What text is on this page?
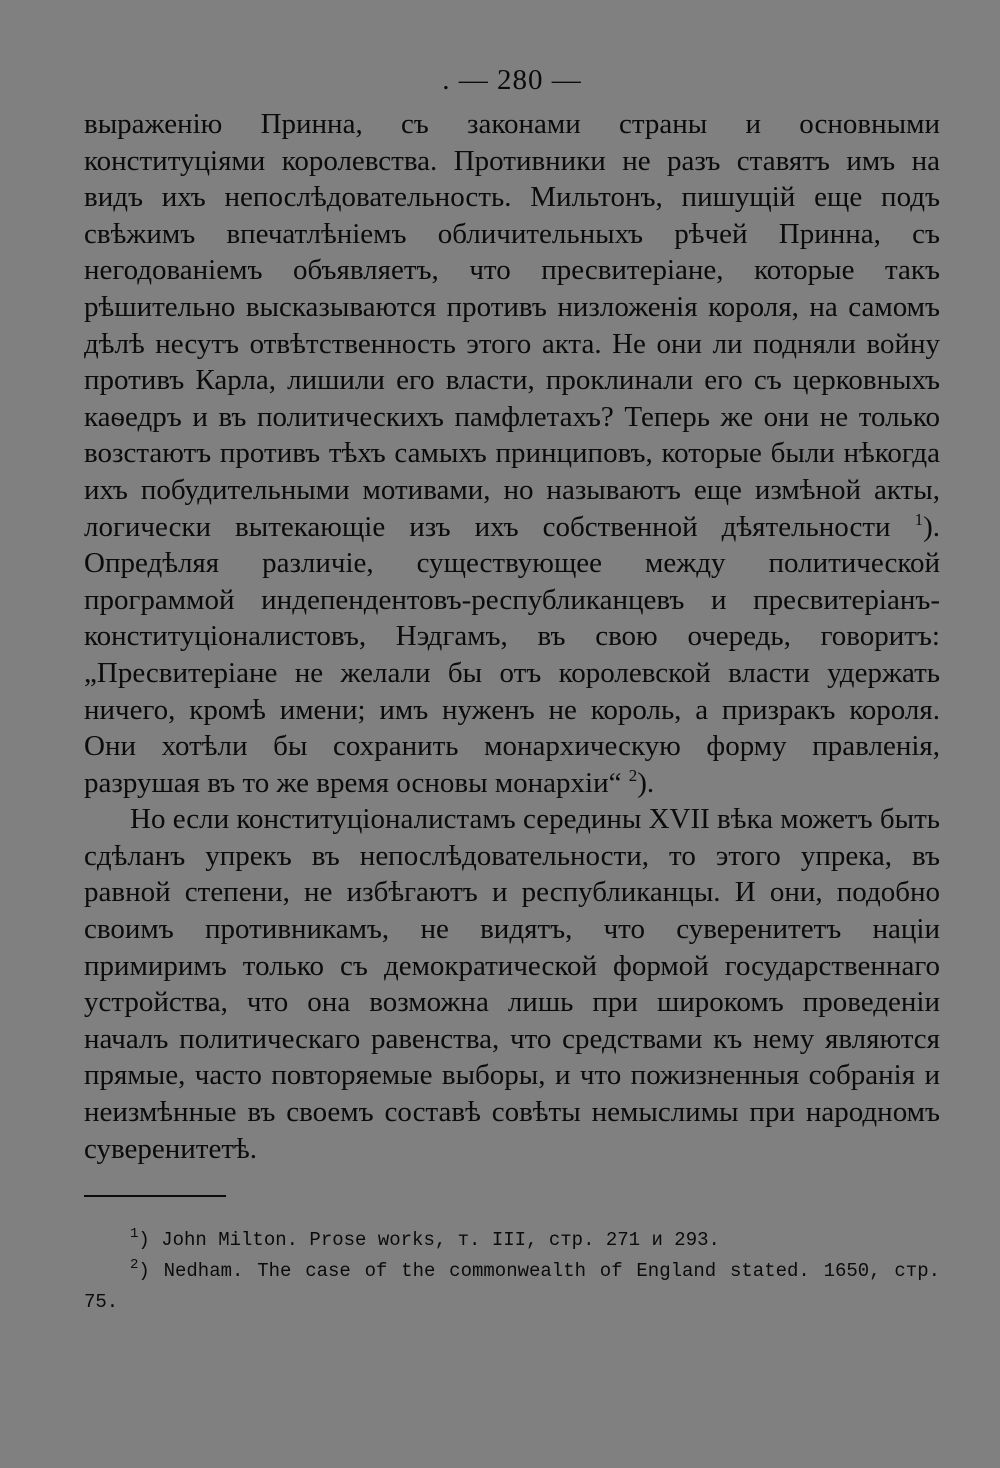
. — 280 —

выраженію Принна, съ законами страны и основными конституціями королевства. Противники не разъ ставятъ имъ на видъ ихъ непослѣдовательность. Мильтонъ, пишущій еще подъ свѣжимъ впечатлѣніемъ обличительныхъ рѣчей Принна, съ негодованіемъ объявляетъ, что пресвитеріане, которые такъ рѣшительно высказываются противъ низложенія короля, на самомъ дѣлѣ несутъ отвѣтственность этого акта. Не они ли подняли войну противъ Карла, лишили его власти, проклинали его съ церковныхъ каѳедръ и въ политическихъ памфлетахъ? Теперь же они не только возстаютъ противъ тѣхъ самыхъ принциповъ, которые были нѣкогда ихъ побудительными мотивами, но называютъ еще измѣной акты, логически вытекающіе изъ ихъ собственной дѣятельности $^1$). Опредѣляя различіе, существующее между политической программой индепендентовъ-республиканцевъ и пресвитеріанъ-конституціоналистовъ, Нэдгамъ, въ свою очередь, говоритъ: „Пресвитеріане не желали бы отъ королевской власти удержать ничего, кромѣ имени; имъ нуженъ не король, а призракъ короля. Они хотѣли бы сохранить монархическую форму правленія, разрушая въ то же время основы монархіи“ $^2$).

Но если конституціоналистамъ середины XVII вѣка можетъ быть сдѣланъ упрекъ въ непослѣдовательности, то этого упрека, въ равной степени, не избѣгаютъ и республиканцы. И они, подобно своимъ противникамъ, не видятъ, что суверенитетъ націи примиримъ только съ демократической формой государственнаго устройства, что она возможна лишь при широкомъ проведеніи началъ политическаго равенства, что средствами къ нему являются прямые, часто повторяемые выборы, и что пожизненныя собранія и неизмѣнные въ своемъ составѣ совѣты немыслимы при народномъ суверенитетѣ.

$^1$) John Milton. Prose works, т. III, стр. 271 и 293.

$^2$) Nedham. The case of the commonwealth of England stated. 1650, стр. 75.
